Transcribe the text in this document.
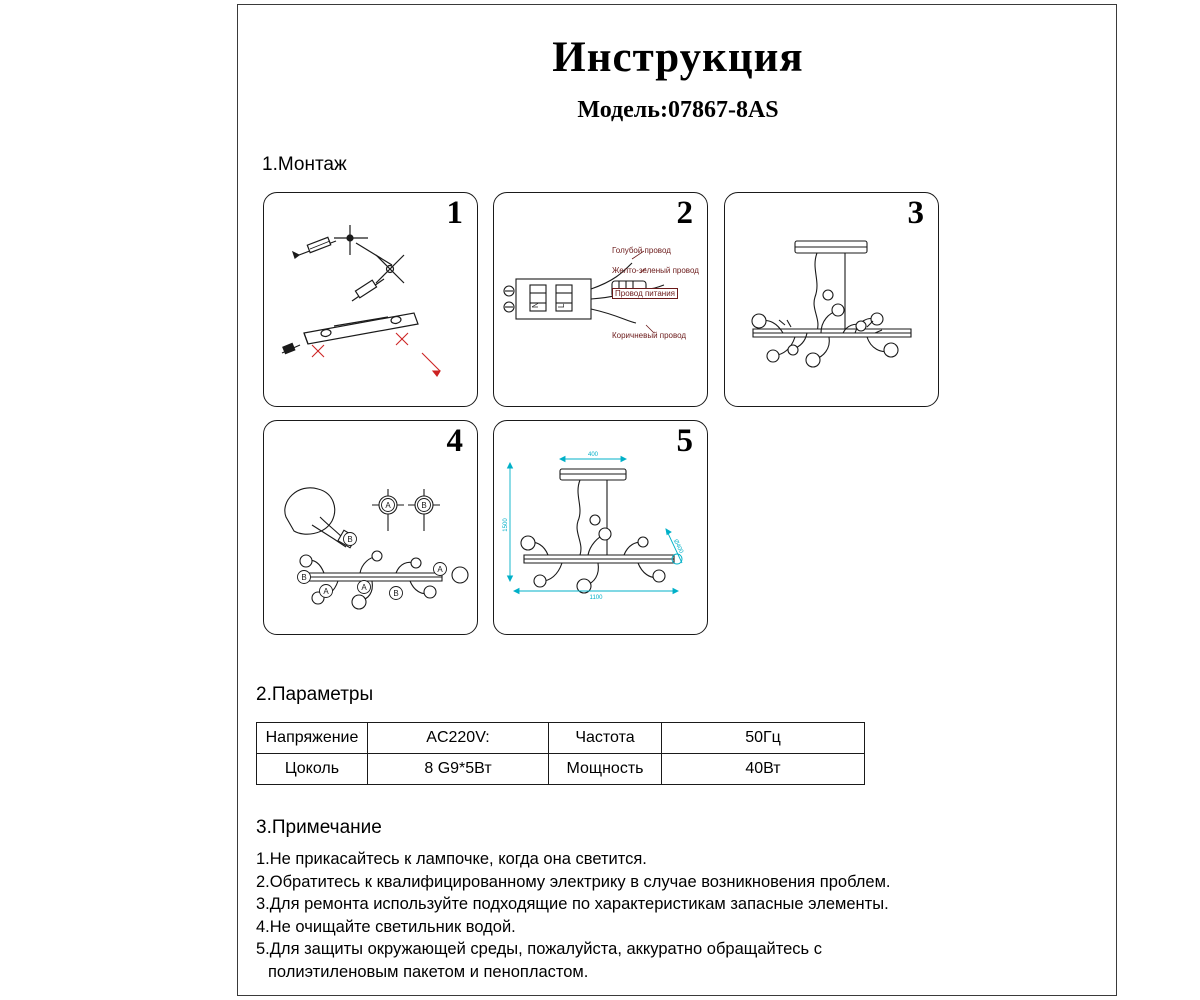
Инструкция
Модель:07867-8AS
1.Монтаж
1	2
N L
Голубой провод
Желто-зеленый провод
Провод питания
Коричневый провод
3
4
A	B
B
B
A	A
B
A
5
400
1500
1100
Ø400
2.Параметры
Напряжение	AC220V:	Частота	50Гц
Цоколь	8 G9*5Вт	Мощность	40Вт
3.Примечание
1.Не прикасайтесь к лампочке, когда она светится.
2.Обратитесь к квалифицированному электрику в случае возникновения проблем.
3.Для ремонта используйте подходящие по характеристикам запасные элементы.
4.Не очищайте светильник водой.
5.Для защиты окружающей среды, пожалуйста, аккуратно обращайтесь с
полиэтиленовым пакетом и пенопластом.
